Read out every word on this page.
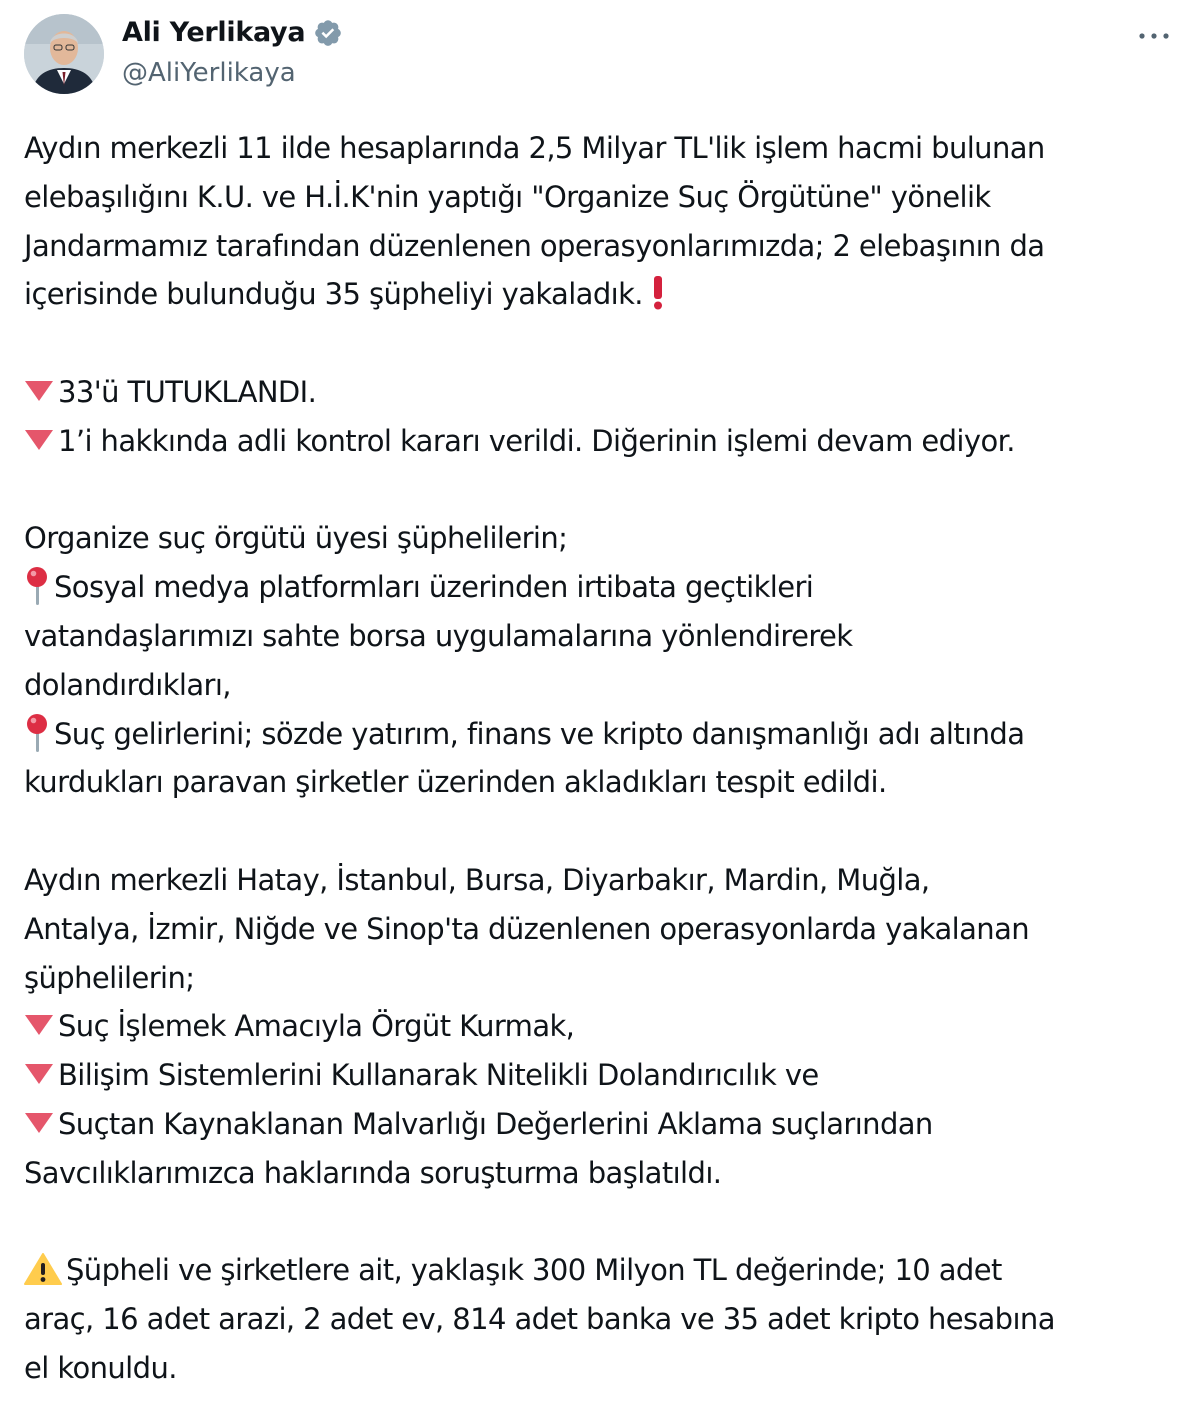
Ali Yerlikaya
@AliYerlikaya
Aydın merkezli 11 ilde hesaplarında 2,5 Milyar TL'lik işlem hacmi bulunan
elebaşılığını K.U. ve H.İ.K'nin yaptığı "Organize Suç Örgütüne" yönelik
Jandarmamız tarafından düzenlenen operasyonlarımızda; 2 elebaşının da
içerisinde bulunduğu 35 şüpheliyi yakaladık.
33'ü TUTUKLANDI.
1’i hakkında adli kontrol kararı verildi. Diğerinin işlemi devam ediyor.
Organize suç örgütü üyesi şüphelilerin;
Sosyal medya platformları üzerinden irtibata geçtikleri
vatandaşlarımızı sahte borsa uygulamalarına yönlendirerek
dolandırdıkları,
Suç gelirlerini; sözde yatırım, finans ve kripto danışmanlığı adı altında
kurdukları paravan şirketler üzerinden akladıkları tespit edildi.
Aydın merkezli Hatay, İstanbul, Bursa, Diyarbakır, Mardin, Muğla,
Antalya, İzmir, Niğde ve Sinop'ta düzenlenen operasyonlarda yakalanan
şüphelilerin;
Suç İşlemek Amacıyla Örgüt Kurmak,
Bilişim Sistemlerini Kullanarak Nitelikli Dolandırıcılık ve
Suçtan Kaynaklanan Malvarlığı Değerlerini Aklama suçlarından
Savcılıklarımızca haklarında soruşturma başlatıldı.
Şüpheli ve şirketlere ait, yaklaşık 300 Milyon TL değerinde; 10 adet
araç, 16 adet arazi, 2 adet ev, 814 adet banka ve 35 adet kripto hesabına
el konuldu.
